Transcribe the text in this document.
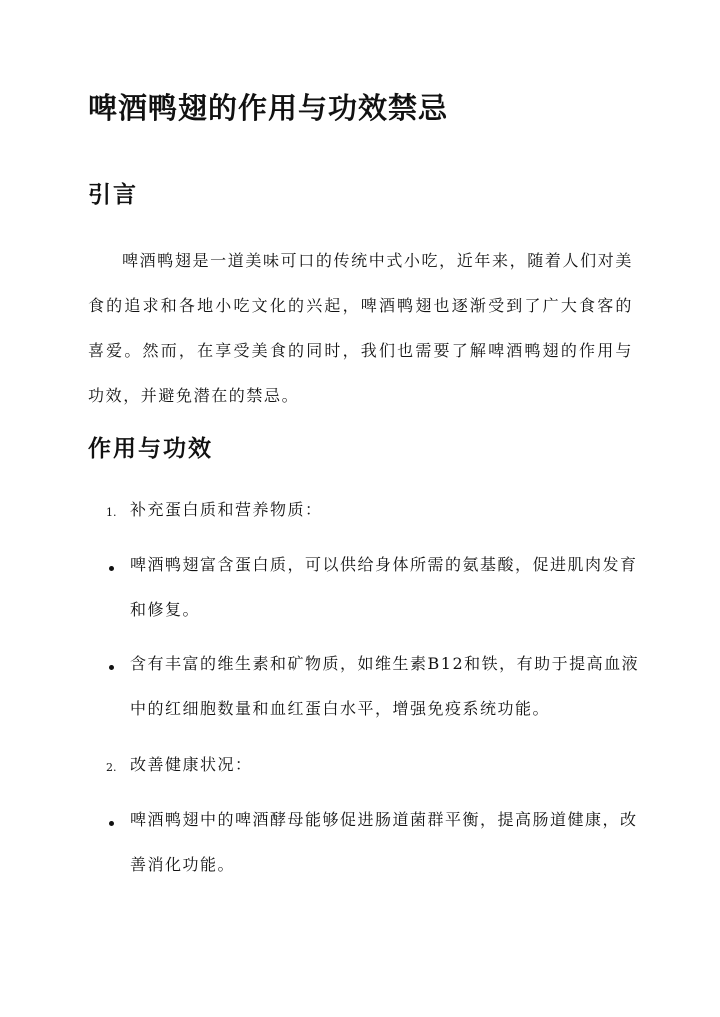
啤酒鸭翅的作用与功效禁忌
引言

啤酒鸭翅是一道美味可口的传统中式小吃，近年来，随着人们对美食的追求和各地小吃文化的兴起，啤酒鸭翅也逐渐受到了广大食客的喜爱。然而，在享受美食的同时，我们也需要了解啤酒鸭翅的作用与功效，并避免潜在的禁忌。

作用与功效
1. 补充蛋白质和营养物质：

啤酒鸭翅富含蛋白质，可以供给身体所需的氨基酸，促进肌肉发育和修复。

含有丰富的维生素和矿物质，如维生素B12和铁，有助于提高血液中的红细胞数量和血红蛋白水平，增强免疫系统功能。

2. 改善健康状况：

啤酒鸭翅中的啤酒酵母能够促进肠道菌群平衡，提高肠道健康，改善消化功能。
